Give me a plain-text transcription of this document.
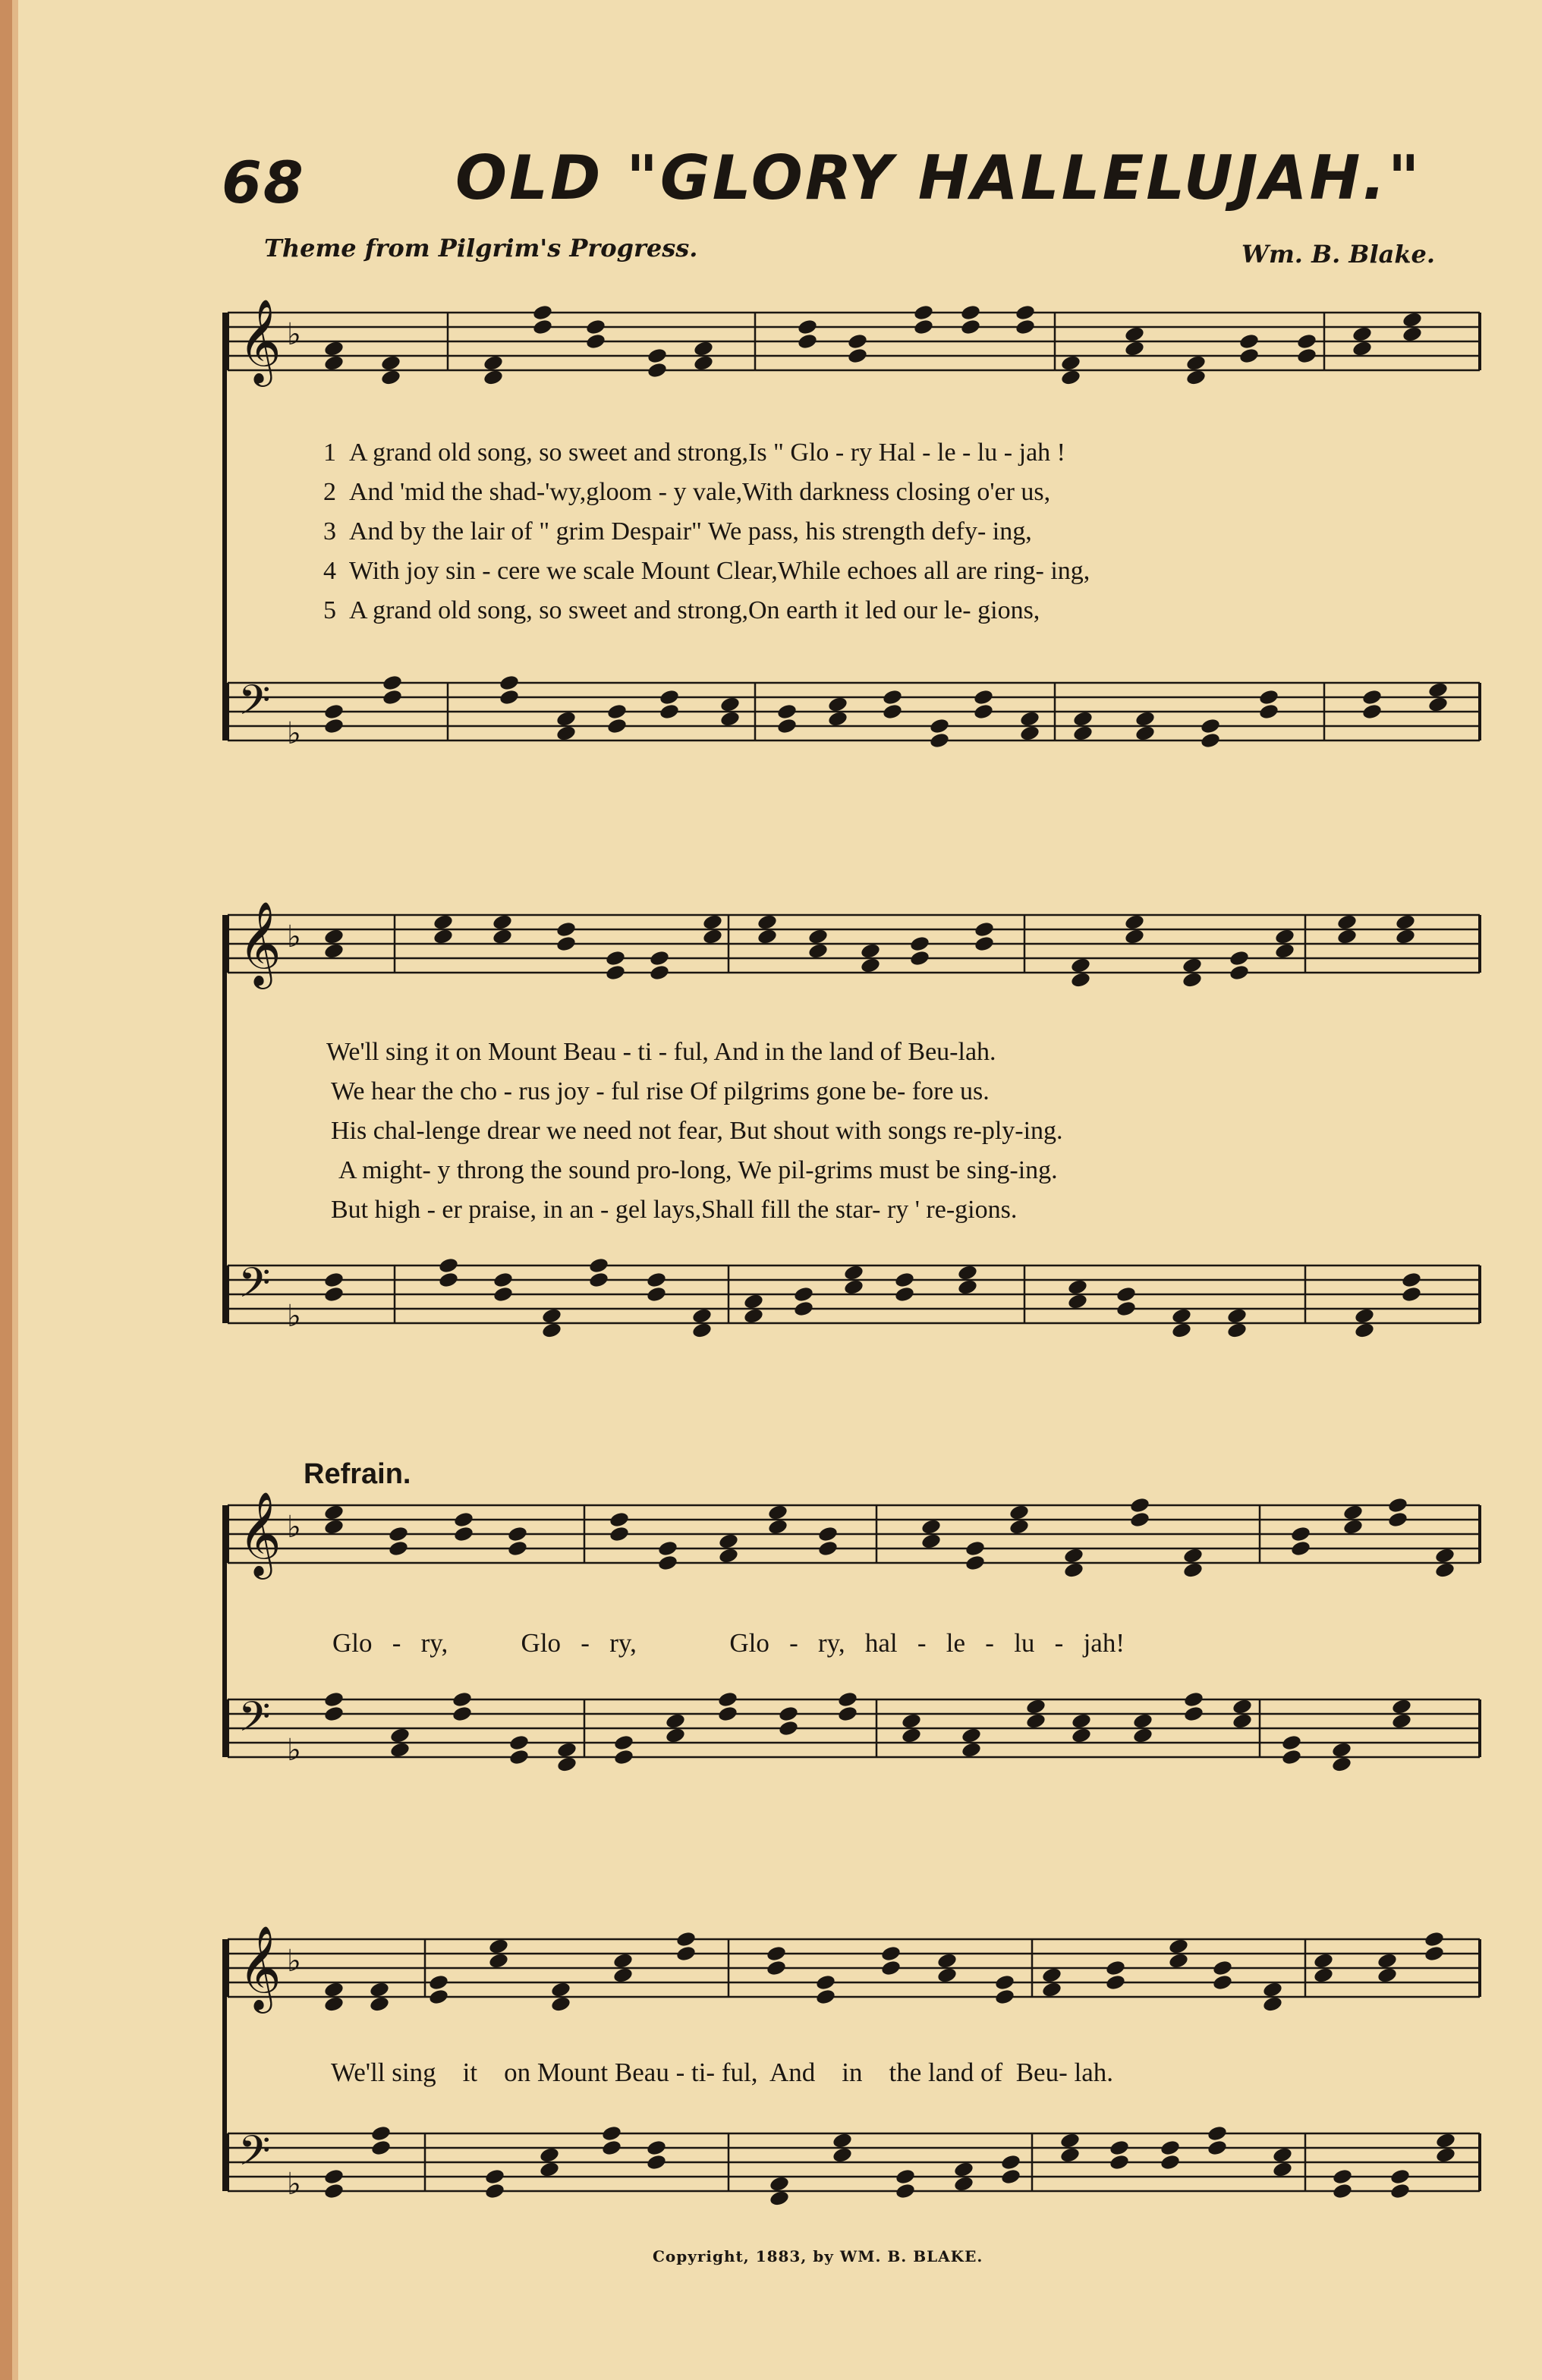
68 OLD "GLORY HALLELUJAH."
Theme from Pilgrim's Progress.	Wm. B. Blake.
𝄞 ♭
𝄢 ♭
𝄞 ♭
𝄢 ♭
𝄞 ♭
𝄢 ♭
𝄞 ♭
𝄢 ♭
1 A grand old song, so sweet and strong,Is " Glo - ry Hal - le - lu - jah !
2 And 'mid the shad-'wy,gloom - y vale,With darkness closing o'er us,
3 And by the lair of " grim Despair" We pass, his strength defy- ing,
4 With joy sin - cere we scale Mount Clear,While echoes all are ring- ing,
5 A grand old song, so sweet and strong,On earth it led our le- gions,
We'll sing it on Mount Beau - ti - ful, And in the land of Beu-lah.
We hear the cho - rus joy - ful rise Of pilgrims gone be- fore us.
His chal-lenge drear we need not fear, But shout with songs re-ply-ing.
A might- y throng the sound pro-long, We pil-grims must be sing-ing.
But high - er praise, in an - gel lays,Shall fill the star- ry ' re-gions.
Refrain.
Glo   -   ry,           Glo   -   ry,              Glo   -   ry,   hal   -   le   -   lu   -   jah!
We'll sing    it    on Mount Beau - ti- ful,  And    in    the land of  Beu- lah.
Copyright, 1883, by WM. B. BLAKE.
